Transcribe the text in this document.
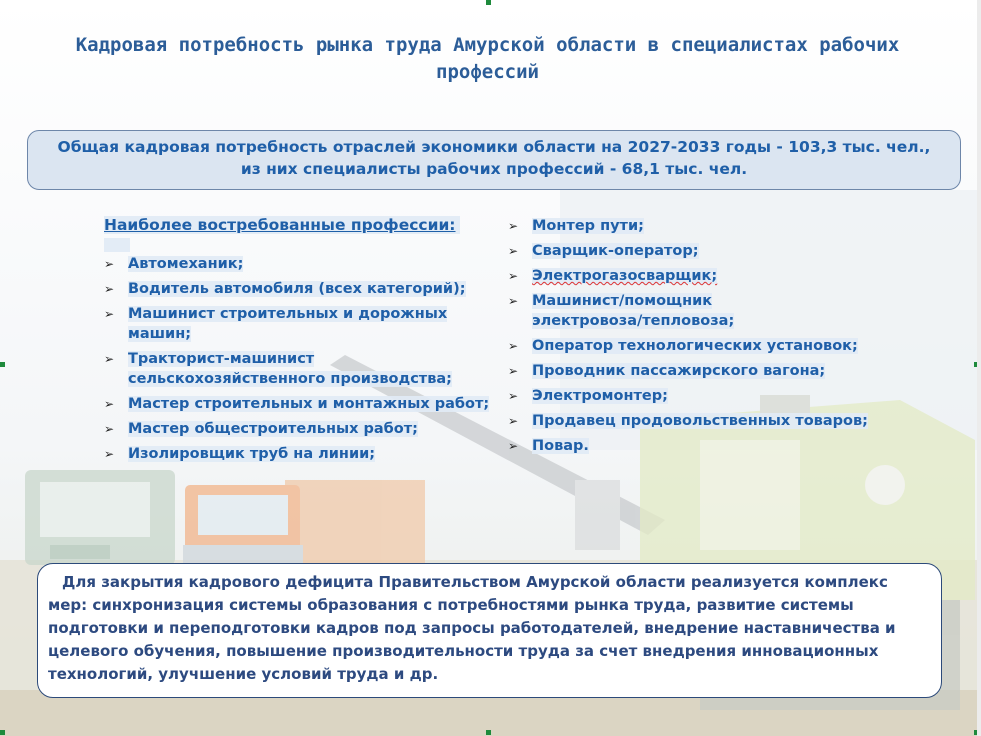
Кадровая потребность рынка труда Амурской области в специалистах рабочих профессий
Общая кадровая потребность отраслей экономики области на 2027-2033 годы - 103,3 тыс. чел.,
из них специалисты рабочих профессий - 68,1 тыс. чел.
Наиболее востребованные профессии:
➢ Автомеханик;
➢ Водитель автомобиля (всех категорий);
➢ Машинист строительных и дорожных машин;
➢ Тракторист-машинист сельскохозяйственного производства;
➢ Мастер строительных и монтажных работ;
➢ Мастер общестроительных работ;
➢ Изолировщик труб на линии;
➢ Монтер пути;
➢ Сварщик-оператор;
➢ Электрогазосварщик;
➢ Машинист/помощник электровоза/тепловоза;
➢ Оператор технологических установок;
➢ Проводник пассажирского вагона;
➢ Электромонтер;
➢ Продавец продовольственных товаров;
➢ Повар.
Для закрытия кадрового дефицита Правительством Амурской области реализуется комплекс мер: синхронизация системы образования с потребностями рынка труда, развитие системы подготовки и переподготовки кадров под запросы работодателей, внедрение наставничества и целевого обучения, повышение производительности труда за счет внедрения инновационных технологий, улучшение условий труда и др.
